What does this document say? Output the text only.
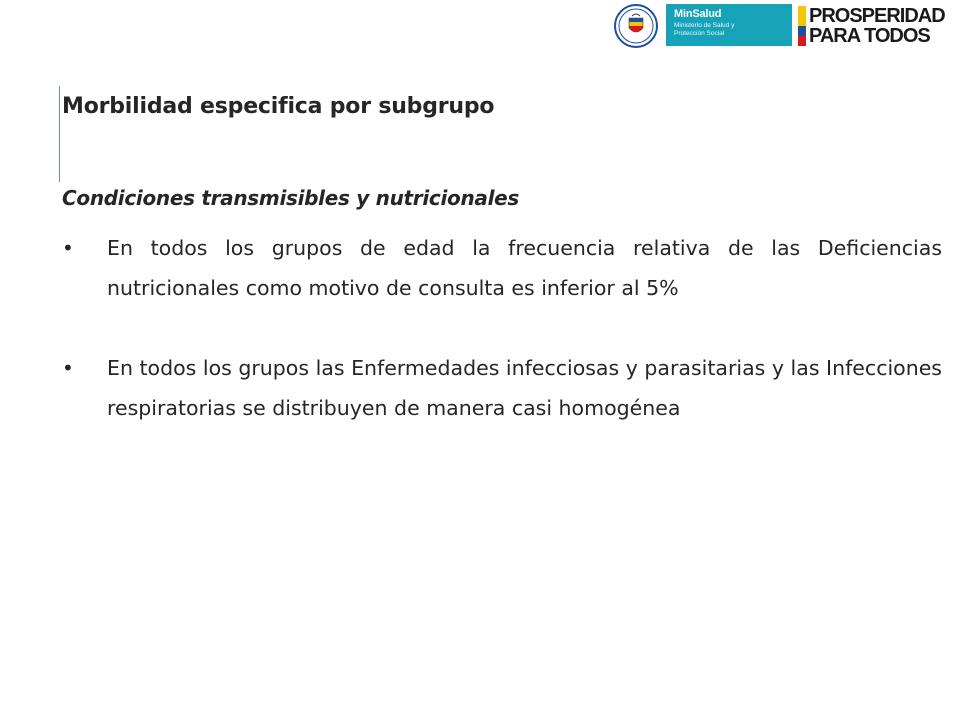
MinSalud
Ministerio de Salud y Protección Social
PROSPERIDAD
PARA TODOS
Morbilidad especifica por subgrupo
Condiciones transmisibles y nutricionales
• En todos los grupos de edad la frecuencia relativa de las Deficiencias nutricionales como motivo de consulta es inferior al 5%
• En todos los grupos las Enfermedades infecciosas y parasitarias y las Infecciones respiratorias se distribuyen de manera casi homogénea
